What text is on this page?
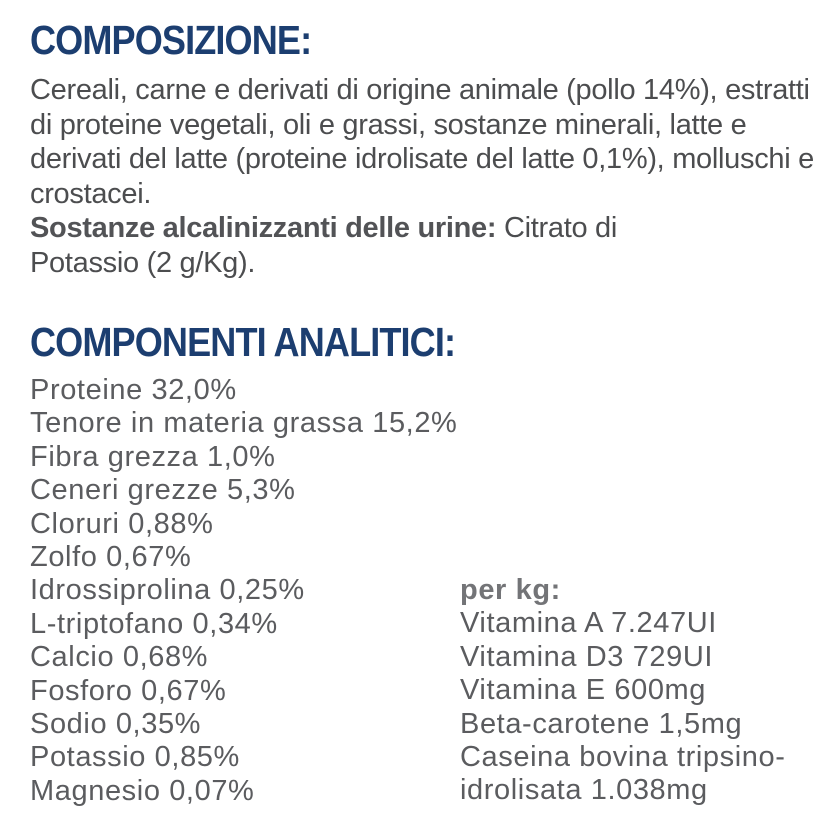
COMPOSIZIONE:

Cereali, carne e derivati di origine animale (pollo 14%), estratti di proteine vegetali, oli e grassi, sostanze minerali, latte e derivati del latte (proteine idrolisate del latte 0,1%), molluschi e crostacei.

Sostanze alcalinizzanti delle urine: Citrato di Potassio (2 g/Kg).

COMPONENTI ANALITICI:
Proteine 32,0%
Tenore in materia grassa 15,2%
Fibra grezza 1,0%
Ceneri grezze 5,3%
Cloruri 0,88%
Zolfo 0,67%
Idrossiprolina 0,25%
L-triptofano 0,34%
Calcio 0,68%
Fosforo 0,67%
Sodio 0,35%
Potassio 0,85%
Magnesio 0,07%
per kg:
Vitamina A 7.247UI
Vitamina D3 729UI
Vitamina E 600mg
Beta-carotene 1,5mg
Caseina bovina tripsino-idrolisata 1.038mg
